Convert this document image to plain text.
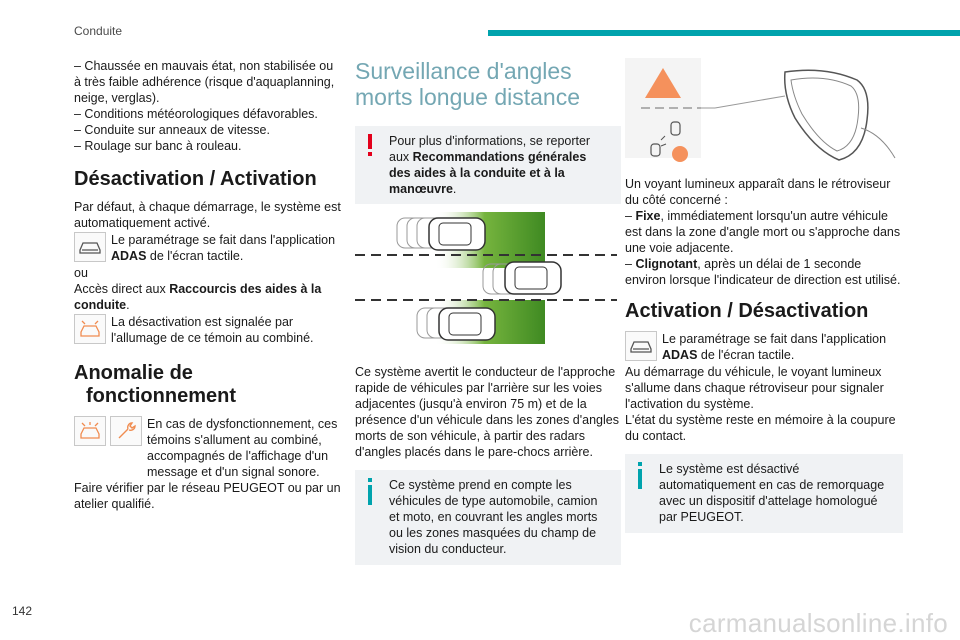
Conduite

– Chaussée en mauvais état, non stabilisée ou à très faible adhérence (risque d'aquaplanning, neige, verglas).

– Conditions météorologiques défavorables.

– Conduite sur anneaux de vitesse.

– Roulage sur banc à rouleau.

Désactivation / Activation

Par défaut, à chaque démarrage, le système est automatiquement activé.

Le paramétrage se fait dans l'application ADAS de l'écran tactile.

ou

Accès direct aux Raccourcis des aides à la conduite.

La désactivation est signalée par l'allumage de ce témoin au combiné.

Anomalie de
fonctionnement

En cas de dysfonctionnement, ces témoins s'allument au combiné, accompagnés de l'affichage d'un message et d'un signal sonore.

Faire vérifier par le réseau PEUGEOT ou par un atelier qualifié.

Surveillance d'angles morts longue distance

Pour plus d'informations, se reporter aux Recommandations générales des aides à la conduite et à la manœuvre.

Ce système avertit le conducteur de l'approche rapide de véhicules par l'arrière sur les voies adjacentes (jusqu'à environ 75 m) et de la présence d'un véhicule dans les zones d'angles morts de son véhicule, à partir des radars d'angles placés dans le pare-chocs arrière.

Ce système prend en compte les véhicules de type automobile, camion et moto, en couvrant les angles morts ou les zones masquées du champ de vision du conducteur.

Un voyant lumineux apparaît dans le rétroviseur du côté concerné :

– Fixe, immédiatement lorsqu'un autre véhicule est dans la zone d'angle mort ou s'approche dans une voie adjacente.

– Clignotant, après un délai de 1 seconde environ lorsque l'indicateur de direction est utilisé.

Activation / Désactivation

Le paramétrage se fait dans l'application ADAS de l'écran tactile.

Au démarrage du véhicule, le voyant lumineux s'allume dans chaque rétroviseur pour signaler l'activation du système.

L'état du système reste en mémoire à la coupure du contact.

Le système est désactivé automatiquement en cas de remorquage avec un dispositif d'attelage homologué par PEUGEOT.

142	carmanualsonline.info
